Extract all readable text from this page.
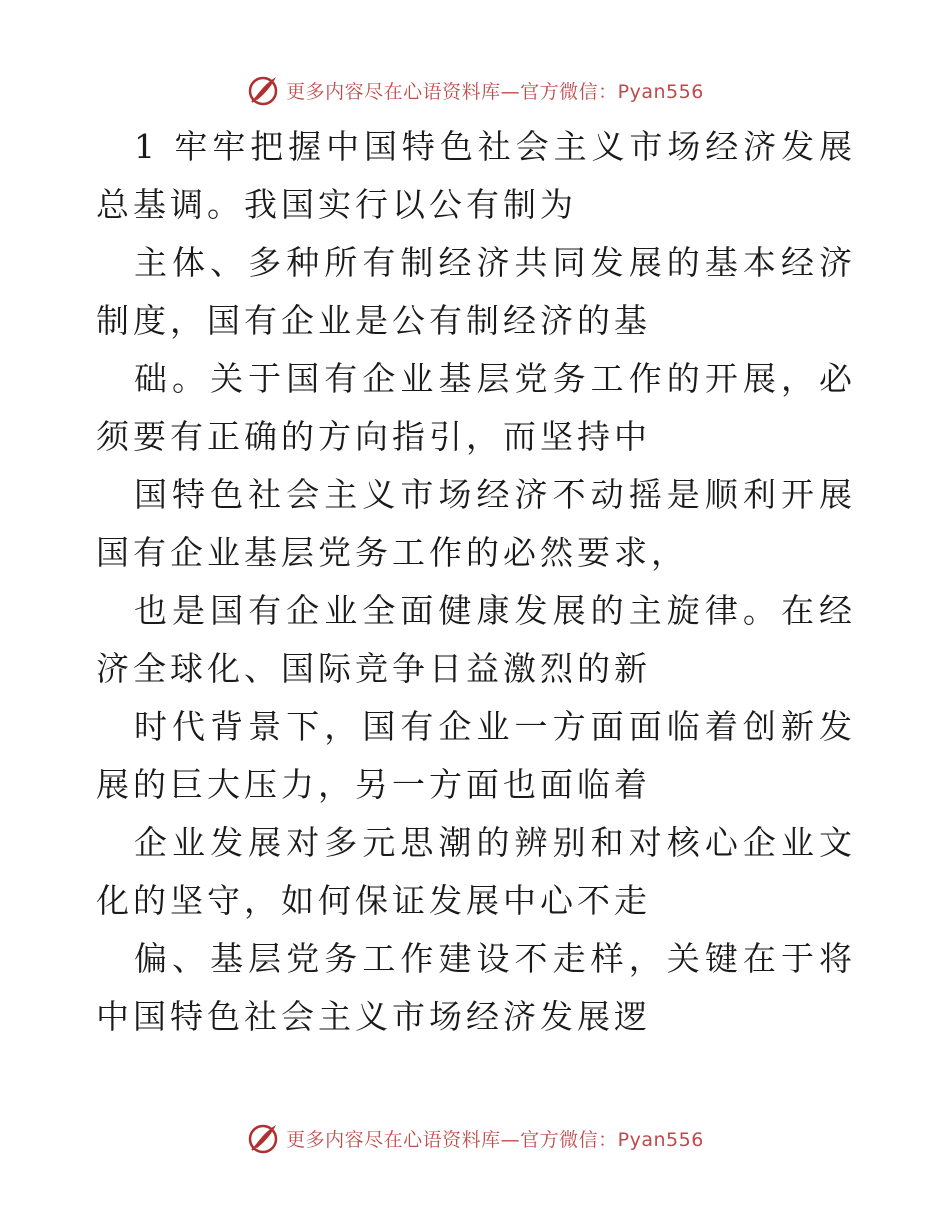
更多内容尽在心语资料库—官方微信：Pyan556

1 牢牢把握中国特色社会主义市场经济发展总基调。我国实行以公有制为

主体、多种所有制经济共同发展的基本经济制度，国有企业是公有制经济的基

础。关于国有企业基层党务工作的开展，必须要有正确的方向指引，而坚持中

国特色社会主义市场经济不动摇是顺利开展国有企业基层党务工作的必然要求，

也是国有企业全面健康发展的主旋律。在经济全球化、国际竞争日益激烈的新

时代背景下，国有企业一方面面临着创新发展的巨大压力，另一方面也面临着

企业发展对多元思潮的辨别和对核心企业文化的坚守，如何保证发展中心不走

偏、基层党务工作建设不走样，关键在于将中国特色社会主义市场经济发展逻

更多内容尽在心语资料库—官方微信：Pyan556
